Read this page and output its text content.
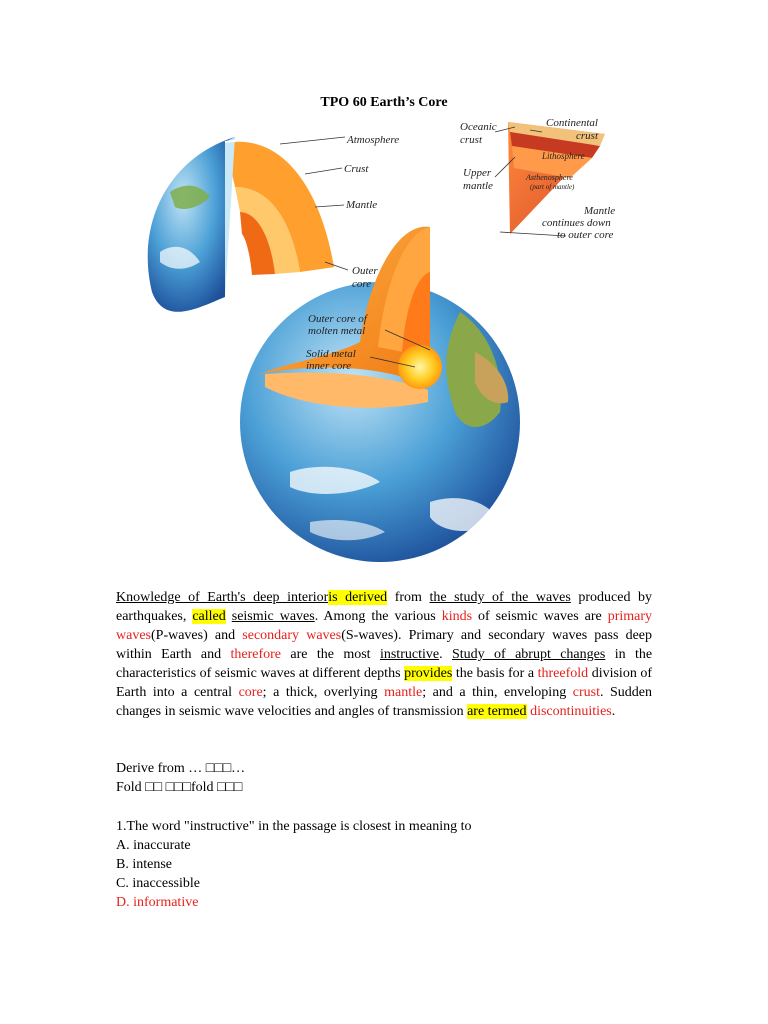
TPO 60 Earth’s Core
Atmosphere
Crust
Mantle
Outer
core
Outer core of
molten metal
Solid metal
inner core
Oceanic
crust
Continental
crust
Lithosphere
Upper
mantle
Asthenosphere
(part of mantle)
Mantle
continues down
to outer core

Knowledge of Earth's deep interioris derived from the study of the waves produced by earthquakes, called seismic waves. Among the various kinds of seismic waves are primary waves(P-waves) and secondary waves(S-waves). Primary and secondary waves pass deep within Earth and therefore are the most instructive. Study of abrupt changes in the characteristics of seismic waves at different depths provides the basis for a threefold division of Earth into a central core; a thick, overlying mantle; and a thin, enveloping crust. Sudden changes in seismic wave velocities and angles of transmission are termed discontinuities.

Derive from … □□□…
Fold □□ □□□fold □□□
1.The word "instructive" in the passage is closest in meaning to
A. inaccurate
B. intense
C. inaccessible
D. informative
